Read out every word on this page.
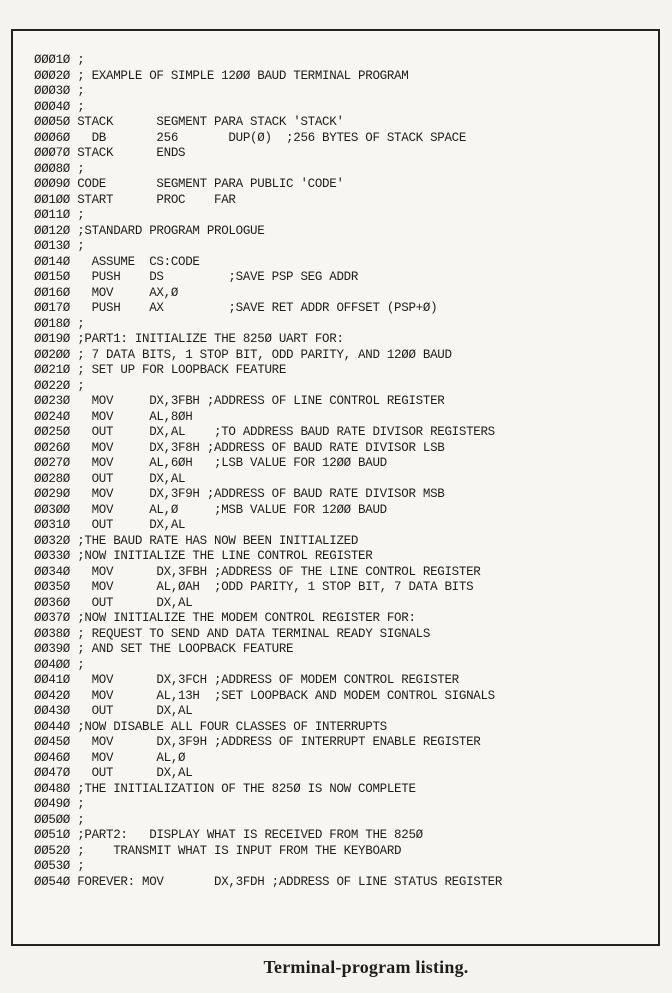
ØØØ1Ø ;
ØØØ2Ø ; EXAMPLE OF SIMPLE 12ØØ BAUD TERMINAL PROGRAM
ØØØ3Ø ;
ØØØ4Ø ;
ØØØ5Ø STACK      SEGMENT PARA STACK 'STACK'
ØØØ6Ø   DB       256       DUP(Ø)  ;256 BYTES OF STACK SPACE
ØØØ7Ø STACK      ENDS
ØØØ8Ø ;
ØØØ9Ø CODE       SEGMENT PARA PUBLIC 'CODE'
ØØ1ØØ START      PROC    FAR
ØØ11Ø ;
ØØ12Ø ;STANDARD PROGRAM PROLOGUE
ØØ13Ø ;
ØØ14Ø   ASSUME  CS:CODE
ØØ15Ø   PUSH    DS         ;SAVE PSP SEG ADDR
ØØ16Ø   MOV     AX,Ø
ØØ17Ø   PUSH    AX         ;SAVE RET ADDR OFFSET (PSP+Ø)
ØØ18Ø ;
ØØ19Ø ;PART1: INITIALIZE THE 825Ø UART FOR:
ØØ2ØØ ; 7 DATA BITS, 1 STOP BIT, ODD PARITY, AND 12ØØ BAUD
ØØ21Ø ; SET UP FOR LOOPBACK FEATURE
ØØ22Ø ;
ØØ23Ø   MOV     DX,3FBH ;ADDRESS OF LINE CONTROL REGISTER
ØØ24Ø   MOV     AL,8ØH
ØØ25Ø   OUT     DX,AL    ;TO ADDRESS BAUD RATE DIVISOR REGISTERS
ØØ26Ø   MOV     DX,3F8H ;ADDRESS OF BAUD RATE DIVISOR LSB
ØØ27Ø   MOV     AL,6ØH   ;LSB VALUE FOR 12ØØ BAUD
ØØ28Ø   OUT     DX,AL
ØØ29Ø   MOV     DX,3F9H ;ADDRESS OF BAUD RATE DIVISOR MSB
ØØ3ØØ   MOV     AL,Ø     ;MSB VALUE FOR 12ØØ BAUD
ØØ31Ø   OUT     DX,AL
ØØ32Ø ;THE BAUD RATE HAS NOW BEEN INITIALIZED
ØØ33Ø ;NOW INITIALIZE THE LINE CONTROL REGISTER
ØØ34Ø   MOV      DX,3FBH ;ADDRESS OF THE LINE CONTROL REGISTER
ØØ35Ø   MOV      AL,ØAH  ;ODD PARITY, 1 STOP BIT, 7 DATA BITS
ØØ36Ø   OUT      DX,AL
ØØ37Ø ;NOW INITIALIZE THE MODEM CONTROL REGISTER FOR:
ØØ38Ø ; REQUEST TO SEND AND DATA TERMINAL READY SIGNALS
ØØ39Ø ; AND SET THE LOOPBACK FEATURE
ØØ4ØØ ;
ØØ41Ø   MOV      DX,3FCH ;ADDRESS OF MODEM CONTROL REGISTER
ØØ42Ø   MOV      AL,13H  ;SET LOOPBACK AND MODEM CONTROL SIGNALS
ØØ43Ø   OUT      DX,AL
ØØ44Ø ;NOW DISABLE ALL FOUR CLASSES OF INTERRUPTS
ØØ45Ø   MOV      DX,3F9H ;ADDRESS OF INTERRUPT ENABLE REGISTER
ØØ46Ø   MOV      AL,Ø
ØØ47Ø   OUT      DX,AL
ØØ48Ø ;THE INITIALIZATION OF THE 825Ø IS NOW COMPLETE
ØØ49Ø ;
ØØ5ØØ ;
ØØ51Ø ;PART2:   DISPLAY WHAT IS RECEIVED FROM THE 825Ø
ØØ52Ø ;    TRANSMIT WHAT IS INPUT FROM THE KEYBOARD
ØØ53Ø ;
ØØ54Ø FOREVER: MOV       DX,3FDH ;ADDRESS OF LINE STATUS REGISTER
Terminal-program listing.
